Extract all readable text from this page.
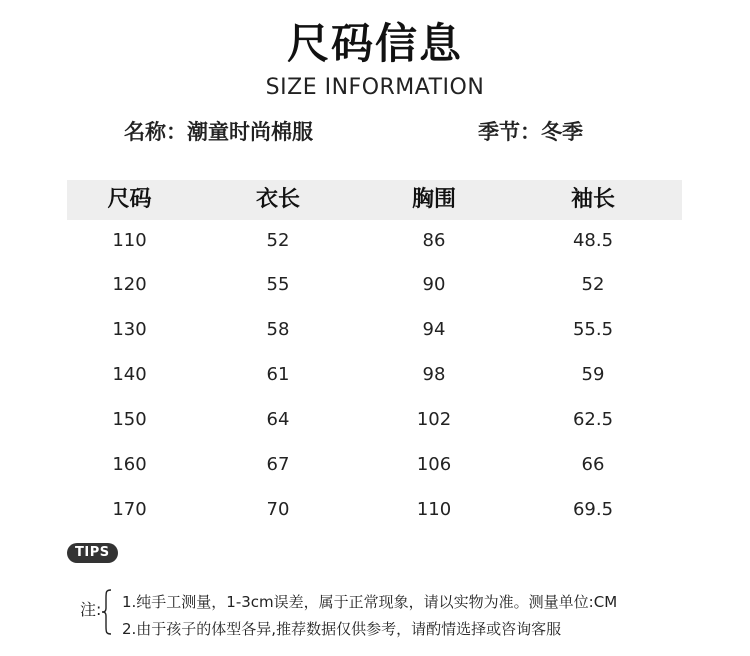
尺码信息
SIZE INFORMATION
名称：潮童时尚棉服	季节：冬季
尺码	衣长	胸围	袖长
110	52	86	48.5
120	55	90	52
130	58	94	55.5
140	61	98	59
150	64	102	62.5
160	67	106	66
170	70	110	69.5
TIPS
注: 1.纯手工测量，1-3cm误差，属于正常现象，请以实物为准。测量单位:CM
2.由于孩子的体型各异,推荐数据仅供参考，请酌情选择或咨询客服
